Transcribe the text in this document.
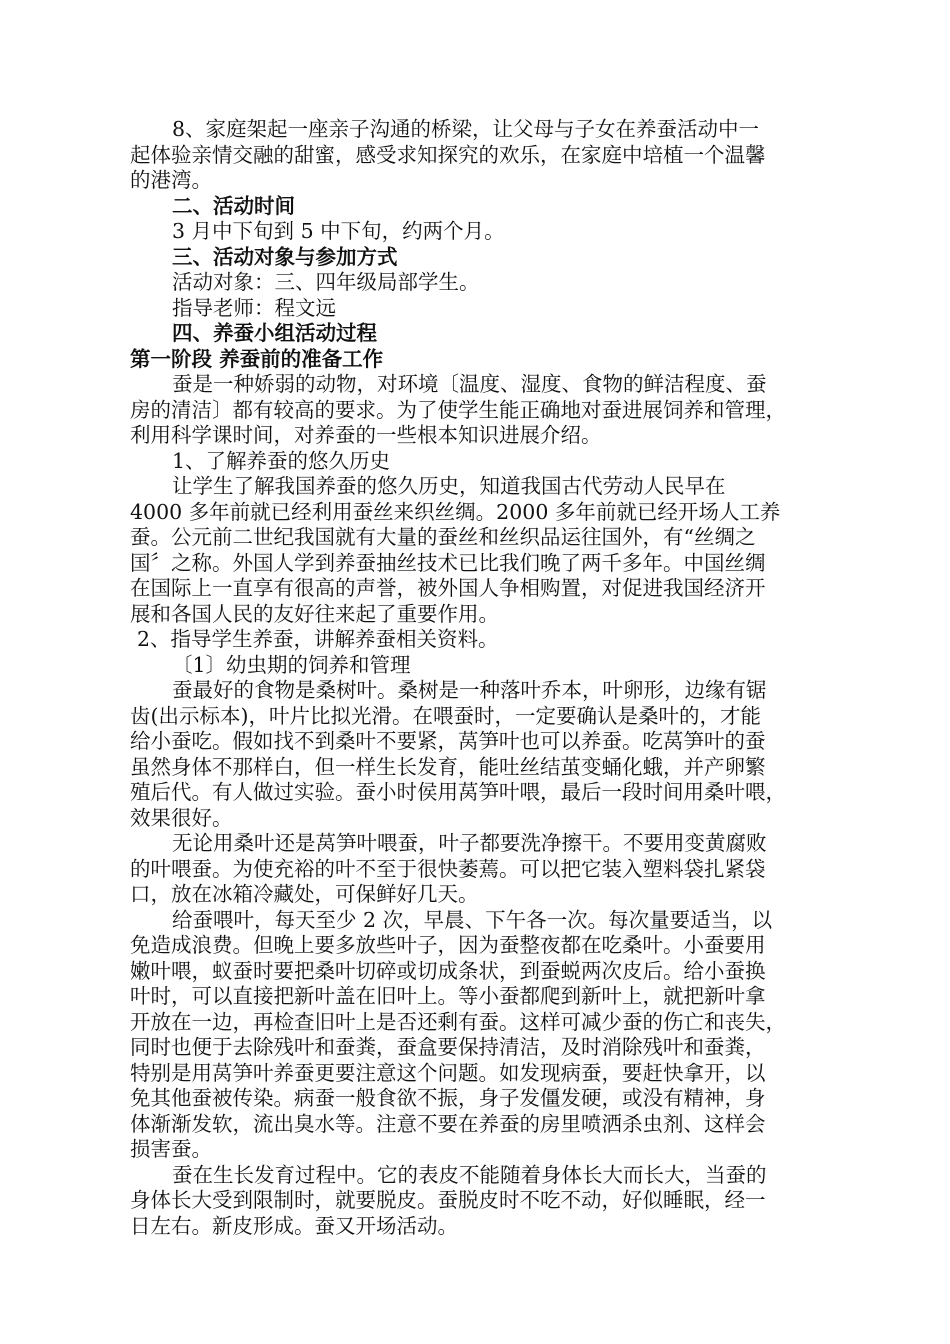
8、家庭架起一座亲子沟通的桥梁，让父母与子女在养蚕活动中一
起体验亲情交融的甜蜜，感受求知探究的欢乐，在家庭中培植一个温馨
的港湾。
二、活动时间
3 月中下旬到 5 中下旬，约两个月。
三、活动对象与参加方式
活动对象：三、四年级局部学生。
指导老师：程文远
四、养蚕小组活动过程
第一阶段 养蚕前的准备工作
蚕是一种娇弱的动物，对环境〔温度、湿度、食物的鲜洁程度、蚕
房的清洁〕都有较高的要求。为了使学生能正确地对蚕进展饲养和管理，
利用科学课时间，对养蚕的一些根本知识进展介绍。
1、了解养蚕的悠久历史
让学生了解我国养蚕的悠久历史，知道我国古代劳动人民早在
4000 多年前就已经利用蚕丝来织丝绸。2000 多年前就已经开场人工养
蚕。公元前二世纪我国就有大量的蚕丝和丝织品运往国外，有“丝绸之
国〞之称。外国人学到养蚕抽丝技术已比我们晚了两千多年。中国丝绸
在国际上一直享有很高的声誉，被外国人争相购置，对促进我国经济开
展和各国人民的友好往来起了重要作用。
2、指导学生养蚕，讲解养蚕相关资料。
〔1〕幼虫期的饲养和管理
蚕最好的食物是桑树叶。桑树是一种落叶乔本，叶卵形，边缘有锯
齿(出示标本)，叶片比拟光滑。在喂蚕时，一定要确认是桑叶的，才能
给小蚕吃。假如找不到桑叶不要紧，莴笋叶也可以养蚕。吃莴笋叶的蚕
虽然身体不那样白，但一样生长发育，能吐丝结茧变蛹化蛾，并产卵繁
殖后代。有人做过实验。蚕小时侯用莴笋叶喂，最后一段时间用桑叶喂，
效果很好。
无论用桑叶还是莴笋叶喂蚕，叶子都要洗净擦干。不要用变黄腐败
的叶喂蚕。为使充裕的叶不至于很快萎蔫。可以把它装入塑料袋扎紧袋
口，放在冰箱冷藏处，可保鲜好几天。
给蚕喂叶，每天至少 2 次，早晨、下午各一次。每次量要适当，以
免造成浪费。但晚上要多放些叶子，因为蚕整夜都在吃桑叶。小蚕要用
嫩叶喂，蚁蚕时要把桑叶切碎或切成条状，到蚕蜕两次皮后。给小蚕换
叶时，可以直接把新叶盖在旧叶上。等小蚕都爬到新叶上，就把新叶拿
开放在一边，再检查旧叶上是否还剩有蚕。这样可减少蚕的伤亡和丧失，
同时也便于去除残叶和蚕粪，蚕盒要保持清洁，及时消除残叶和蚕粪，
特别是用莴笋叶养蚕更要注意这个问题。如发现病蚕，要赶快拿开，以
免其他蚕被传染。病蚕一般食欲不振，身子发僵发硬，或没有精神，身
体渐渐发软，流出臭水等。注意不要在养蚕的房里喷洒杀虫剂、这样会
损害蚕。
蚕在生长发育过程中。它的表皮不能随着身体长大而长大，当蚕的
身体长大受到限制时，就要脱皮。蚕脱皮时不吃不动，好似睡眠，经一
日左右。新皮形成。蚕又开场活动。
